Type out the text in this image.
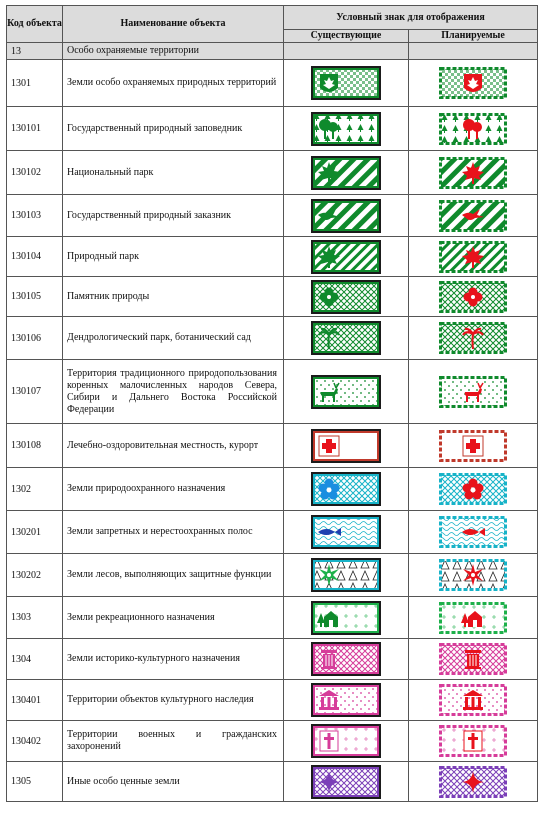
Код объекта	Наименование объекта	Условный знак для отображения	
		Существующие	Планируемые
13	Особо охраняемые территории		
1301	Земли особо охраняемых природных территорий	

130101	Государственный природный заповедник	

130102	Национальный парк	

130103	Государственный природный заказник	

130104	Природный парк	

130105	Памятник природы	

130106	Дендрологический парк, ботанический сад	

130107	Территория традиционного природопользования коренных малочисленных народов Севера, Сибири и Дальнего Востока Российской Федерации	

130108	Лечебно-оздоровительная местность, курорт	

1302	Земли природоохранного назначения	

130201	Земли запретных и нерестоохранных полос	

130202	Земли лесов, выполняющих защитные функции	

1303	Земли рекреационного назначения	

1304	Земли историко-культурного назначения	

130401	Территории объектов культурного наследия	

130402	Территории военных и гражданских захоронений	

1305	Иные особо ценные земли	
